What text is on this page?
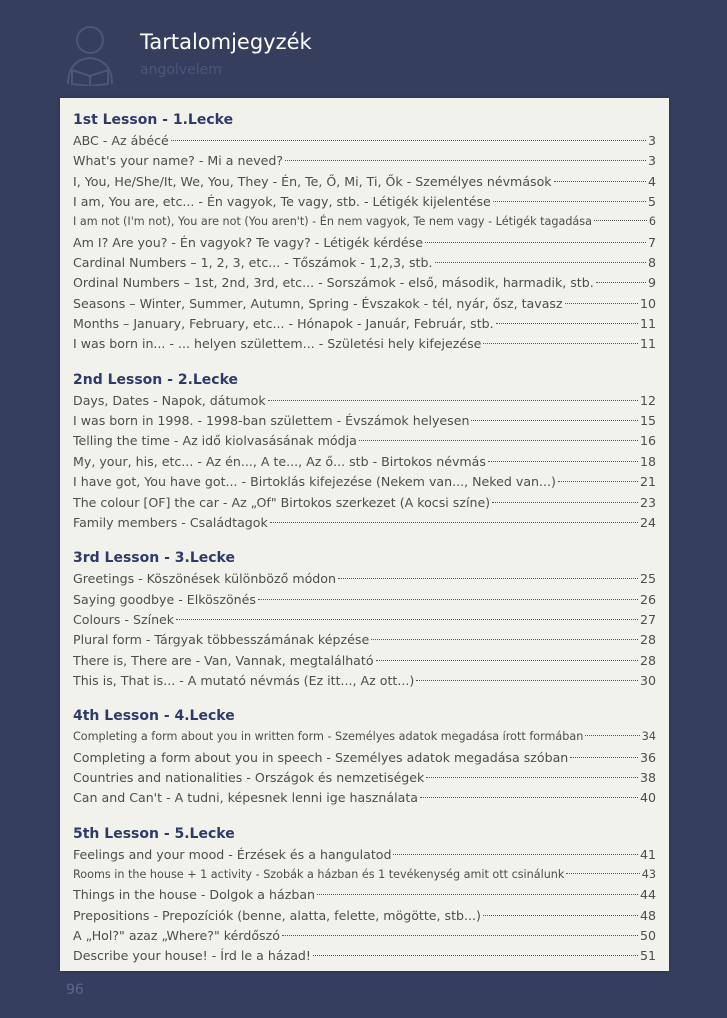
Tartalomjegyzék
angolvelem
1st Lesson - 1.Lecke
ABC - Az ábécé	3
What's your name? - Mi a neved?	3
I, You, He/She/It, We, You, They - Én, Te, Ő, Mi, Ti, Ők - Személyes névmások	4
I am, You are, etc... - Én vagyok, Te vagy, stb. - Létigék kijelentése	5
I am not (I'm not), You are not (You aren't) - Én nem vagyok, Te nem vagy - Létigék tagadása	6
Am I? Are you? - Én vagyok? Te vagy? - Létigék kérdése	7
Cardinal Numbers – 1, 2, 3, etc... - Tőszámok - 1,2,3, stb.	8
Ordinal Numbers – 1st, 2nd, 3rd, etc... - Sorszámok - első, második, harmadik, stb.	9
Seasons – Winter, Summer, Autumn, Spring - Évszakok - tél, nyár, ősz, tavasz	10
Months – January, February, etc... - Hónapok - Január, Február, stb.	11
I was born in... - ... helyen születtem... - Születési hely kifejezése	11
2nd Lesson - 2.Lecke
Days, Dates - Napok, dátumok	12
I was born in 1998. - 1998-ban születtem - Évszámok helyesen	15
Telling the time - Az idő kiolvasásának módja	16
My, your, his, etc... - Az én..., A te..., Az ő... stb - Birtokos névmás	18
I have got, You have got... - Birtoklás kifejezése (Nekem van..., Neked van...)	21
The colour [OF] the car - Az „Of" Birtokos szerkezet (A kocsi színe)	23
Family members - Családtagok	24
3rd Lesson - 3.Lecke
Greetings - Köszönések különböző módon	25
Saying goodbye - Elköszönés	26
Colours - Színek	27
Plural form - Tárgyak többesszámának képzése	28
There is, There are - Van, Vannak, megtalálható	28
This is, That is... - A mutató névmás (Ez itt..., Az ott...)	30
4th Lesson - 4.Lecke
Completing a form about you in written form - Személyes adatok megadása írott formában	34
Completing a form about you in speech - Személyes adatok megadása szóban	36
Countries and nationalities - Országok és nemzetiségek	38
Can and Can't - A tudni, képesnek lenni ige használata	40
5th Lesson - 5.Lecke
Feelings and your mood - Érzések és a hangulatod	41
Rooms in the house + 1 activity - Szobák a házban és 1 tevékenység amit ott csinálunk	43
Things in the house - Dolgok a házban	44
Prepositions - Prepozíciók (benne, alatta, felette, mögötte, stb...)	48
A „Hol?" azaz „Where?" kérdőszó	50
Describe your house! - Írd le a házad!	51
96
